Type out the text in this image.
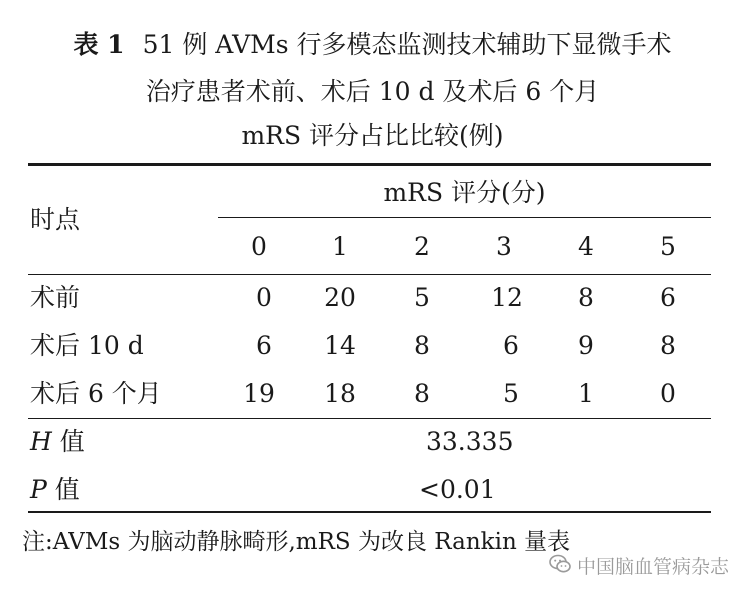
表 1 51 例 AVMs 行多模态监测技术辅助下显微手术
治疗患者术前、术后 10 d 及术后 6 个月
mRS 评分占比比较(例)
时点
mRS 评分(分)
0	1	2	3	4	5
术前	0	20	5	12	8	6
术后 10 d	6	14	8	6	9	8
术后 6 个月	19	18	8	5	1	0
H 值	33.335
P 值	<0.01
注:AVMs 为脑动静脉畸形,mRS 为改良 Rankin 量表
中国脑血管病杂志
